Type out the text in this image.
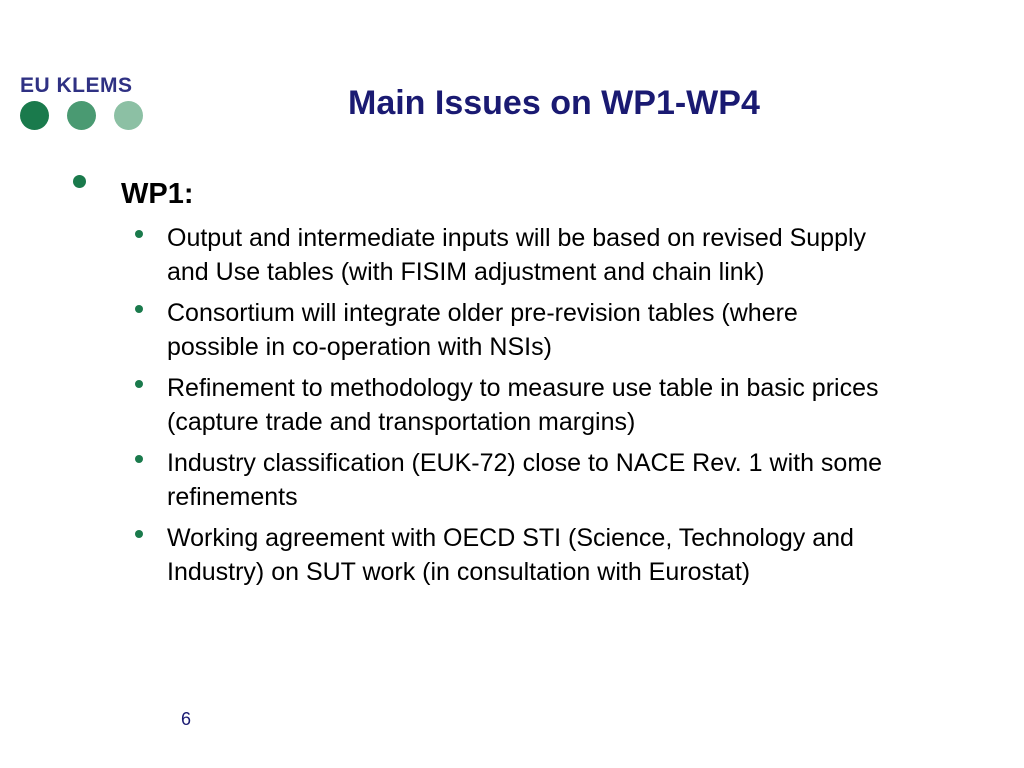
EU KLEMS	Main Issues on WP1-WP4
WP1:
Output and intermediate inputs will be based on revised Supply
and Use tables (with FISIM adjustment and chain link)
Consortium will integrate older pre-revision tables (where
possible in co-operation with NSIs)
Refinement to methodology to measure use table in basic prices
(capture trade and transportation margins)
Industry classification (EUK-72) close to NACE Rev. 1 with some
refinements
Working agreement with OECD STI (Science, Technology and
Industry) on SUT work (in consultation with Eurostat)
6
